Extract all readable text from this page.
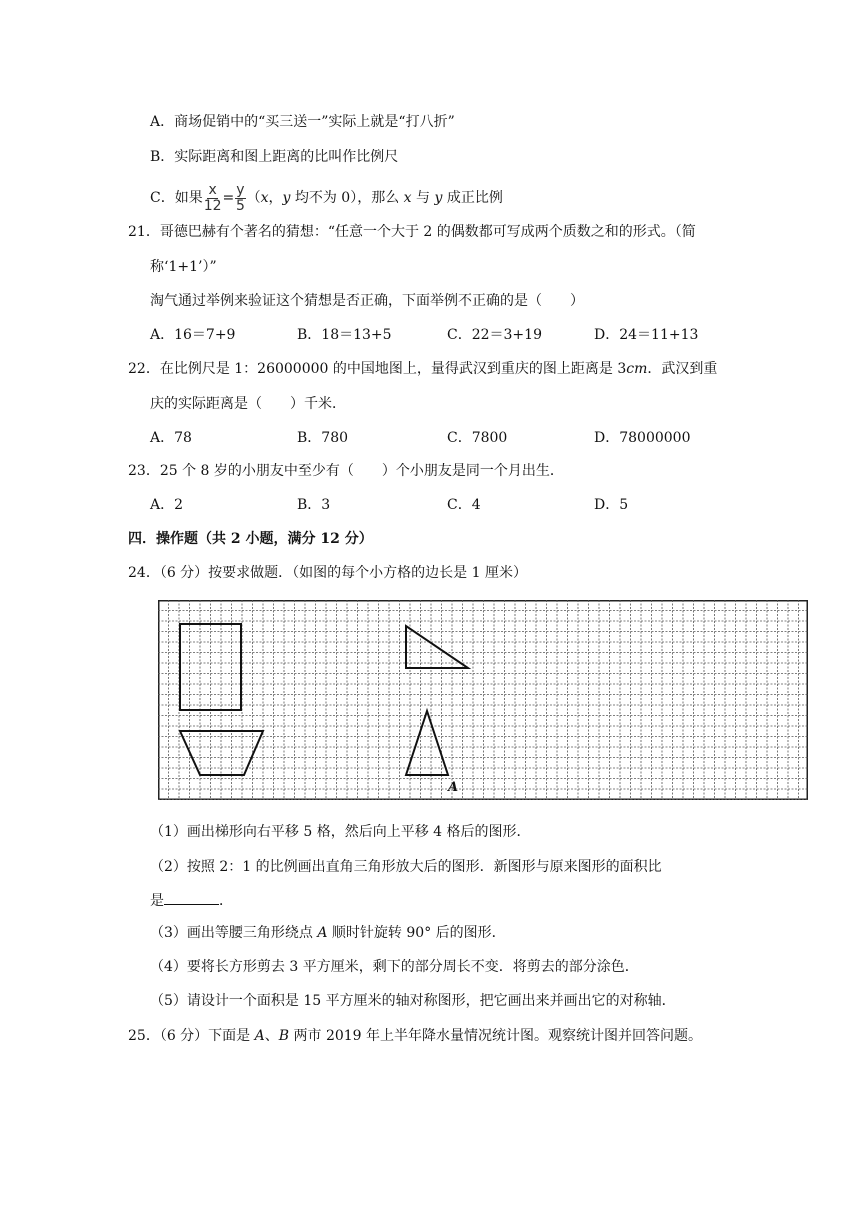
A．商场促销中的“买三送一”实际上就是“打八折”
B．实际距离和图上距离的比叫作比例尺
C．如果 $\frac{x}{12} = \frac{y}{5} (x$，y 均不为 0），那么 x 与 y 成正比例
21．哥德巴赫有个著名的猜想：“任意一个大于 2 的偶数都可写成两个质数之和的形式。（简
称‘1+1’）”
淘气通过举例来验证这个猜想是否正确，下面举例不正确的是（　　）
A．16＝7+9	B．18＝13+5	C．22＝3+19	D．24＝11+13
22．在比例尺是 1：26000000 的中国地图上，量得武汉到重庆的图上距离是 3cm．武汉到重
庆的实际距离是（　　）千米．
A．78	B．780	C．7800	D．78000000
23．25 个 8 岁的小朋友中至少有（　　）个小朋友是同一个月出生．
A．2	B．3	C．4	D．5
四．操作题（共 2 小题，满分 12 分）
24．（6 分）按要求做题．（如图的每个小方格的边长是 1 厘米）
A
（1）画出梯形向右平移 5 格，然后向上平移 4 格后的图形．
（2）按照 2：1 的比例画出直角三角形放大后的图形．新图形与原来图形的面积比
是	．
（3）画出等腰三角形绕点 A 顺时针旋转 90° 后的图形．
（4）要将长方形剪去 3 平方厘米，剩下的部分周长不变．将剪去的部分涂色．
（5）请设计一个面积是 15 平方厘米的轴对称图形，把它画出来并画出它的对称轴．
25．（6 分）下面是 A、B 两市 2019 年上半年降水量情况统计图。观察统计图并回答问题。
